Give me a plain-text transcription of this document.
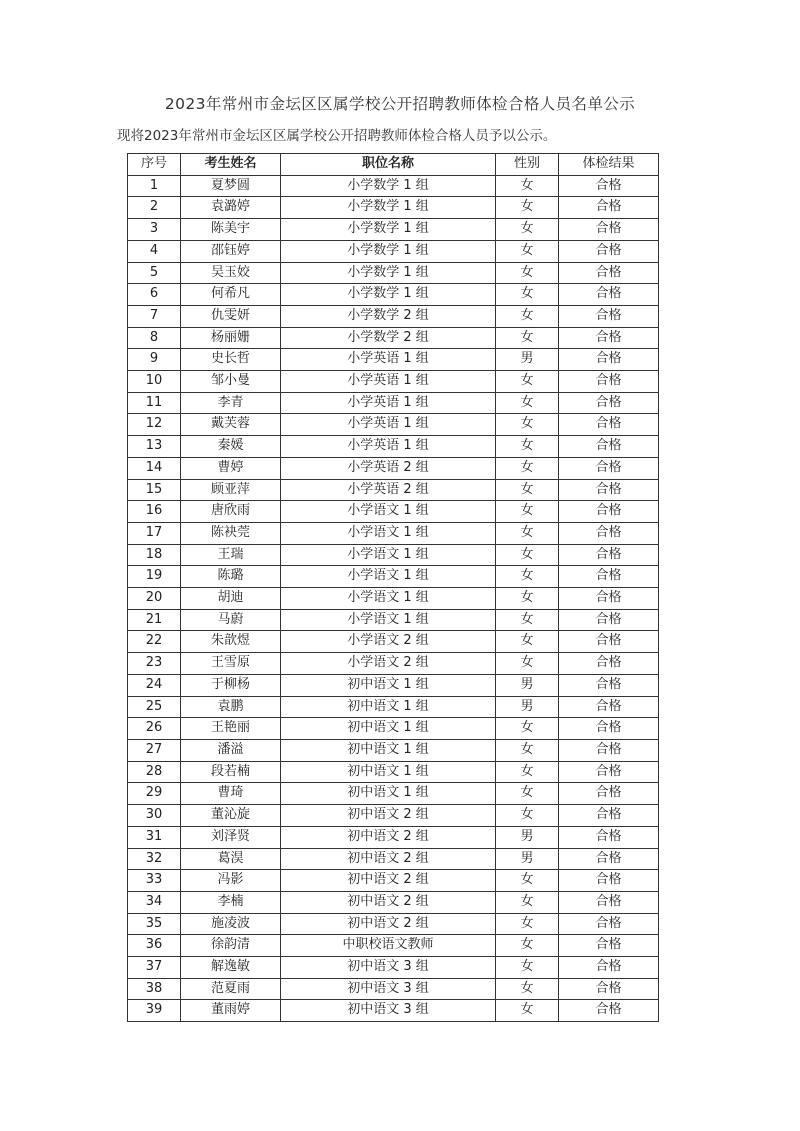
2023年常州市金坛区区属学校公开招聘教师体检合格人员名单公示
现将2023年常州市金坛区区属学校公开招聘教师体检合格人员予以公示。
序号	考生姓名	职位名称	性别	体检结果
1	夏梦圆	小学数学 1 组	女	合格
2	袁潞婷	小学数学 1 组	女	合格
3	陈美宇	小学数学 1 组	女	合格
4	邵钰婷	小学数学 1 组	女	合格
5	吴玉姣	小学数学 1 组	女	合格
6	何希凡	小学数学 1 组	女	合格
7	仇雯妍	小学数学 2 组	女	合格
8	杨丽姗	小学数学 2 组	女	合格
9	史长哲	小学英语 1 组	男	合格
10	邹小曼	小学英语 1 组	女	合格
11	李青	小学英语 1 组	女	合格
12	戴芙蓉	小学英语 1 组	女	合格
13	秦媛	小学英语 1 组	女	合格
14	曹婷	小学英语 2 组	女	合格
15	顾亚萍	小学英语 2 组	女	合格
16	唐欣雨	小学语文 1 组	女	合格
17	陈袂莞	小学语文 1 组	女	合格
18	王瑞	小学语文 1 组	女	合格
19	陈璐	小学语文 1 组	女	合格
20	胡迪	小学语文 1 组	女	合格
21	马蔚	小学语文 1 组	女	合格
22	朱歆煜	小学语文 2 组	女	合格
23	王雪原	小学语文 2 组	女	合格
24	于柳杨	初中语文 1 组	男	合格
25	袁鹏	初中语文 1 组	男	合格
26	王艳丽	初中语文 1 组	女	合格
27	潘溢	初中语文 1 组	女	合格
28	段若楠	初中语文 1 组	女	合格
29	曹琦	初中语文 1 组	女	合格
30	董沁旋	初中语文 2 组	女	合格
31	刘泽贤	初中语文 2 组	男	合格
32	葛淏	初中语文 2 组	男	合格
33	冯影	初中语文 2 组	女	合格
34	李楠	初中语文 2 组	女	合格
35	施凌波	初中语文 2 组	女	合格
36	徐韵清	中职校语文教师	女	合格
37	解逸敏	初中语文 3 组	女	合格
38	范夏雨	初中语文 3 组	女	合格
39	董雨婷	初中语文 3 组	女	合格
